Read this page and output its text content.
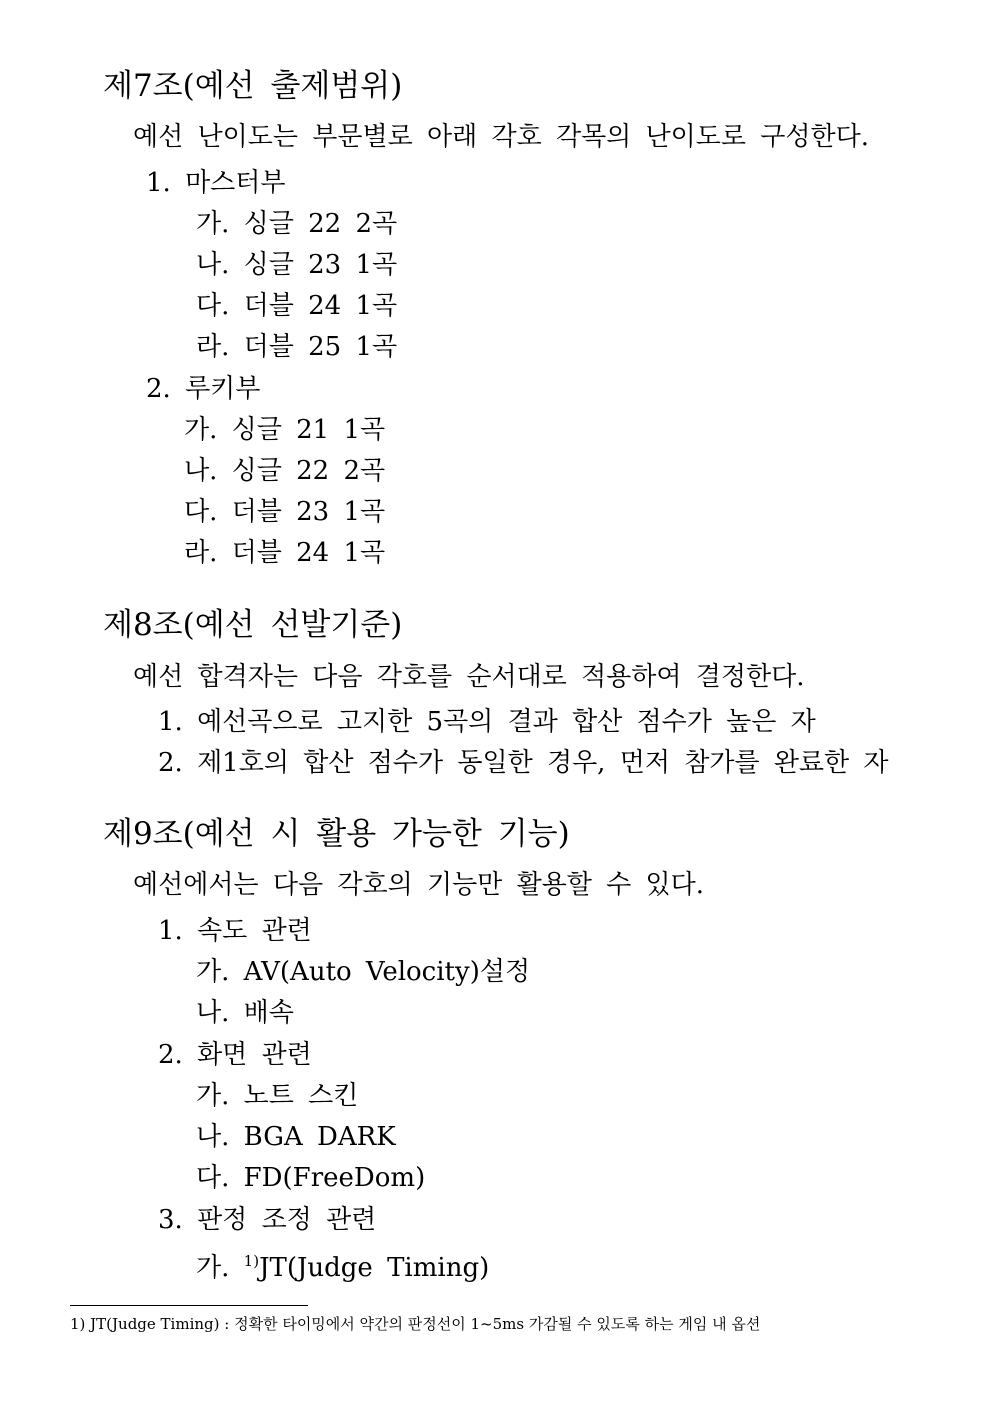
제7조(예선 출제범위)
예선 난이도는 부문별로 아래 각호 각목의 난이도로 구성한다.
1. 마스터부
가. 싱글 22 2곡
나. 싱글 23 1곡
다. 더블 24 1곡
라. 더블 25 1곡
2. 루키부
가. 싱글 21 1곡
나. 싱글 22 2곡
다. 더블 23 1곡
라. 더블 24 1곡
제8조(예선 선발기준)
예선 합격자는 다음 각호를 순서대로 적용하여 결정한다.
1. 예선곡으로 고지한 5곡의 결과 합산 점수가 높은 자
2. 제1호의 합산 점수가 동일한 경우, 먼저 참가를 완료한 자
제9조(예선 시 활용 가능한 기능)
예선에서는 다음 각호의 기능만 활용할 수 있다.
1. 속도 관련
가. AV(Auto Velocity)설정
나. 배속
2. 화면 관련
가. 노트 스킨
나. BGA DARK
다. FD(FreeDom)
3. 판정 조정 관련
가. $^{1)}$JT(Judge Timing)
1) JT(Judge Timing) : 정확한 타이밍에서 약간의 판정선이 1~5ms 가감될 수 있도록 하는 게임 내 옵션
